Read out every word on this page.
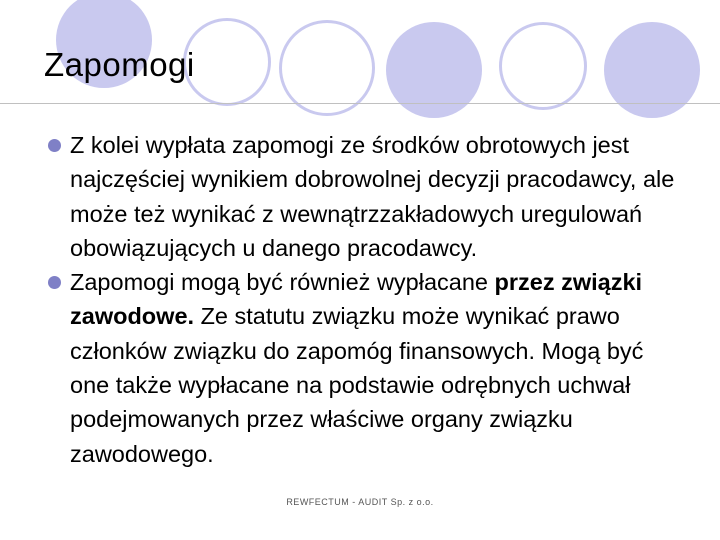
Zapomogi
Z kolei wypłata zapomogi ze środków obrotowych jest najczęściej wynikiem dobrowolnej decyzji pracodawcy, ale może też wynikać z wewnątrzzakładowych uregulowań obowiązujących u danego pracodawcy.
Zapomogi mogą być również wypłacane przez związki zawodowe. Ze statutu związku może wynikać prawo członków związku do zapomóg finansowych. Mogą być one także wypłacane na podstawie odrębnych uchwał podejmowanych przez właściwe organy związku zawodowego.
REWFECTUM - AUDIT Sp. z o.o.
